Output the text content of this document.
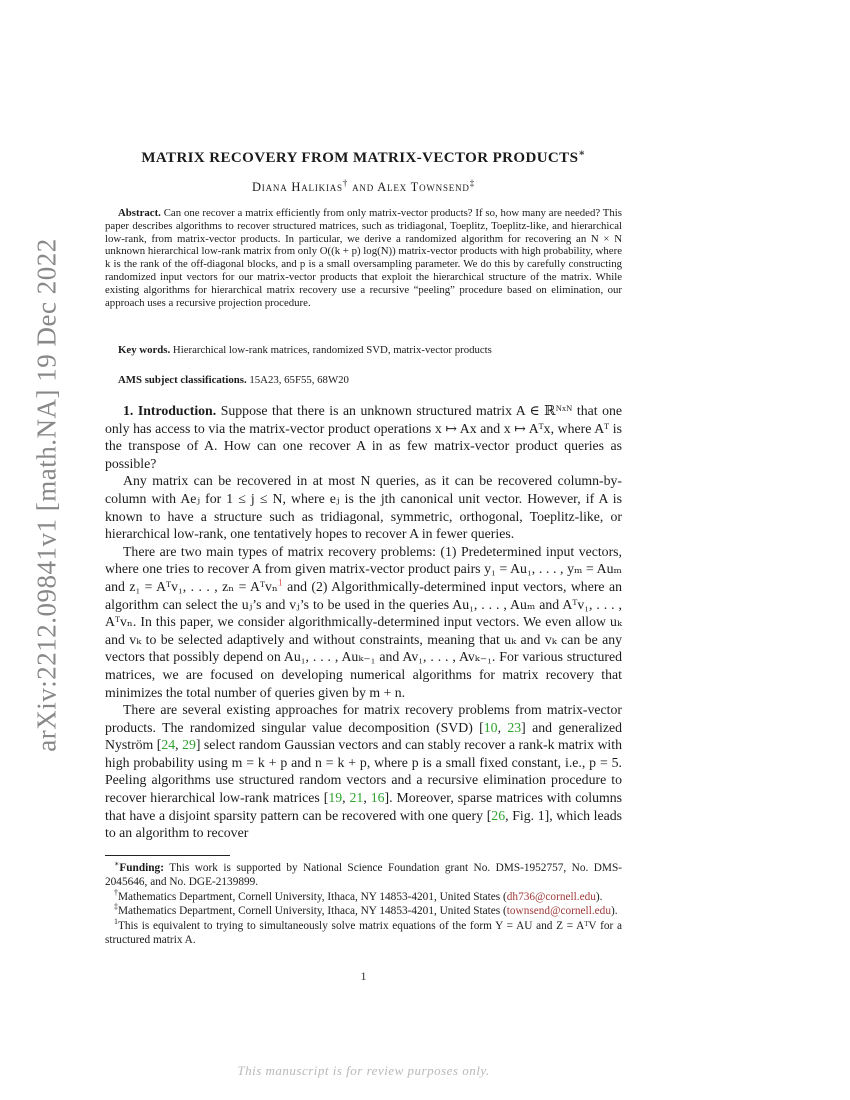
arXiv:2212.09841v1 [math.NA] 19 Dec 2022
MATRIX RECOVERY FROM MATRIX-VECTOR PRODUCTS∗
Diana Halikias† and Alex Townsend‡

Abstract. Can one recover a matrix efficiently from only matrix-vector products? If so, how many are needed? This paper describes algorithms to recover structured matrices, such as tridiagonal, Toeplitz, Toeplitz-like, and hierarchical low-rank, from matrix-vector products. In particular, we derive a randomized algorithm for recovering an N × N unknown hierarchical low-rank matrix from only O((k + p) log(N)) matrix-vector products with high probability, where k is the rank of the off-diagonal blocks, and p is a small oversampling parameter. We do this by carefully constructing randomized input vectors for our matrix-vector products that exploit the hierarchical structure of the matrix. While existing algorithms for hierarchical matrix recovery use a recursive “peeling” procedure based on elimination, our approach uses a recursive projection procedure.

Key words. Hierarchical low-rank matrices, randomized SVD, matrix-vector products

AMS subject classifications. 15A23, 65F55, 68W20

1. Introduction. Suppose that there is an unknown structured matrix A ∈ ℝᴺˣᴺ that one only has access to via the matrix-vector product operations x ↦ Ax and x ↦ Aᵀx, where Aᵀ is the transpose of A. How can one recover A in as few matrix-vector product queries as possible?

Any matrix can be recovered in at most N queries, as it can be recovered column-by-column with Aeⱼ for 1 ≤ j ≤ N, where eⱼ is the jth canonical unit vector. However, if A is known to have a structure such as tridiagonal, symmetric, orthogonal, Toeplitz-like, or hierarchical low-rank, one tentatively hopes to recover A in fewer queries.

There are two main types of matrix recovery problems: (1) Predetermined input vectors, where one tries to recover A from given matrix-vector product pairs y₁ = Au₁, . . . , yₘ = Auₘ and z₁ = Aᵀv₁, . . . , zₙ = Aᵀvₙ$^1$ and (2) Algorithmically-determined input vectors, where an algorithm can select the uⱼ’s and vⱼ’s to be used in the queries Au₁, . . . , Auₘ and Aᵀv₁, . . . , Aᵀvₙ. In this paper, we consider algorithmically-determined input vectors. We even allow uₖ and vₖ to be selected adaptively and without constraints, meaning that uₖ and vₖ can be any vectors that possibly depend on Au₁, . . . , Auₖ₋₁ and Av₁, . . . , Avₖ₋₁. For various structured matrices, we are focused on developing numerical algorithms for matrix recovery that minimizes the total number of queries given by m + n.

There are several existing approaches for matrix recovery problems from matrix-vector products. The randomized singular value decomposition (SVD) [10, 23] and generalized Nyström [24, 29] select random Gaussian vectors and can stably recover a rank-k matrix with high probability using m = k + p and n = k + p, where p is a small fixed constant, i.e., p = 5. Peeling algorithms use structured random vectors and a recursive elimination procedure to recover hierarchical low-rank matrices [19, 21, 16]. Moreover, sparse matrices with columns that have a disjoint sparsity pattern can be recovered with one query [26, Fig. 1], which leads to an algorithm to recover

∗Funding: This work is supported by National Science Foundation grant No. DMS-1952757, No. DMS-2045646, and No. DGE-2139899.

†Mathematics Department, Cornell University, Ithaca, NY 14853-4201, United States (dh736@cornell.edu).

‡Mathematics Department, Cornell University, Ithaca, NY 14853-4201, United States (townsend@cornell.edu).

$^1$This is equivalent to trying to simultaneously solve matrix equations of the form Y = AU and Z = AᵀV for a structured matrix A.

1
This manuscript is for review purposes only.
